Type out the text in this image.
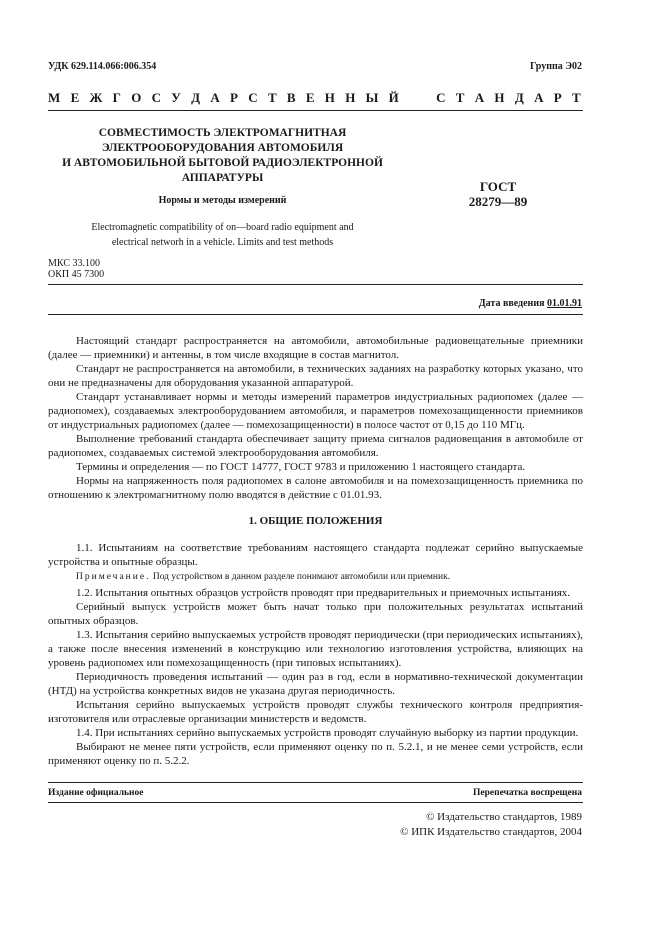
УДК 629.114.066:006.354	Группа Э02
М Е Ж Г О С У Д А Р С Т В Е Н Н Ы Й

	С Т А Н Д А Р Т
СОВМЕСТИМОСТЬ ЭЛЕКТРОМАГНИТНАЯ
ЭЛЕКТРООБОРУДОВАНИЯ АВТОМОБИЛЯ
И АВТОМОБИЛЬНОЙ БЫТОВОЙ РАДИОЭЛЕКТРОННОЙ
АППАРАТУРЫ
Нормы и методы измерений
ГОСТ
28279—89
Electromagnetic compatibility of on—board radio equipment and
electrical networh in a vehicle. Limits and test methods
МКС 33.100
ОКП 45 7300
Дата введения 01.01.91

Настоящий стандарт распространяется на автомобили, автомобильные радиовещательные приемники (далее — приемники) и антенны, в том числе входящие в состав магнитол.

Стандарт не распространяется на автомобили, в технических заданиях на разработку которых указано, что они не предназначены для оборудования указанной аппаратурой.

Стандарт устанавливает нормы и методы измерений параметров индустриальных радиопомех (далее — радиопомех), создаваемых электрооборудованием автомобиля, и параметров помехозащищенности приемников от индустриальных радиопомех (далее — помехозащищенности) в полосе частот от 0,15 до 110 МГц.

Выполнение требований стандарта обеспечивает защиту приема сигналов радиовещания в автомобиле от радиопомех, создаваемых системой электрооборудования автомобиля.

Термины и определения — по ГОСТ 14777, ГОСТ 9783 и приложению 1 настоящего стандарта.

Нормы на напряженность поля радиопомех в салоне автомобиля и на помехозащищенность приемника по отношению к электромагнитному полю вводятся в действие с 01.01.93.

1. ОБЩИЕ ПОЛОЖЕНИЯ

1.1. Испытаниям на соответствие требованиям настоящего стандарта подлежат серийно выпускаемые устройства и опытные образцы.

Примечание. Под устройством в данном разделе понимают автомобили или приемник.

1.2. Испытания опытных образцов устройств проводят при предварительных и приемочных испытаниях.

Серийный выпуск устройств может быть начат только при положительных результатах испытаний опытных образцов.

1.3. Испытания серийно выпускаемых устройств проводят периодически (при периодических испытаниях), а также после внесения изменений в конструкцию или технологию изготовления устройства, влияющих на уровень радиопомех или помехозащищенность (при типовых испытаниях).

Периодичность проведения испытаний — один раз в год, если в нормативно-технической документации (НТД) на устройства конкретных видов не указана другая периодичность.

Испытания серийно выпускаемых устройств проводят службы технического контроля предприятия-изготовителя или отраслевые организации министерств и ведомств.

1.4. При испытаниях серийно выпускаемых устройств проводят случайную выборку из партии продукции.

Выбирают не менее пяти устройств, если применяют оценку по п. 5.2.1, и не менее семи устройств, если применяют оценку по п. 5.2.2.

Издание официальное	Перепечатка воспрещена
© Издательство стандартов, 1989
© ИПК Издательство стандартов, 2004
